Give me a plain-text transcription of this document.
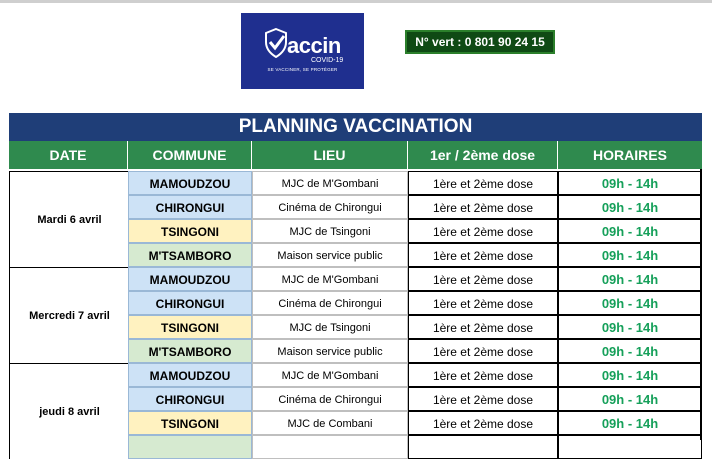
accin
COVID-19
SE VACCINER, SE PROTÉGER
N° vert : 0 801 90 24 15
PLANNING VACCINATION
DATE	COMMUNE	LIEU	1er / 2ème dose	HORAIRES
Mardi 6 avril
MAMOUDZOU	MJC de M'Gombani	1ère et 2ème dose	09h - 14h
CHIRONGUI	Cinéma de Chirongui	1ère et 2ème dose	09h - 14h
TSINGONI	MJC de Tsingoni	1ère et 2ème dose	09h - 14h
M'TSAMBORO	Maison service public	1ère et 2ème dose	09h - 14h
Mercredi 7 avril
MAMOUDZOU	MJC de M'Gombani	1ère et 2ème dose	09h - 14h
CHIRONGUI	Cinéma de Chirongui	1ère et 2ème dose	09h - 14h
TSINGONI	MJC de Tsingoni	1ère et 2ème dose	09h - 14h
M'TSAMBORO	Maison service public	1ère et 2ème dose	09h - 14h
jeudi 8 avril
MAMOUDZOU	MJC de M'Gombani	1ère et 2ème dose	09h - 14h
CHIRONGUI	Cinéma de Chirongui	1ère et 2ème dose	09h - 14h
TSINGONI	MJC de Combani	1ère et 2ème dose	09h - 14h
